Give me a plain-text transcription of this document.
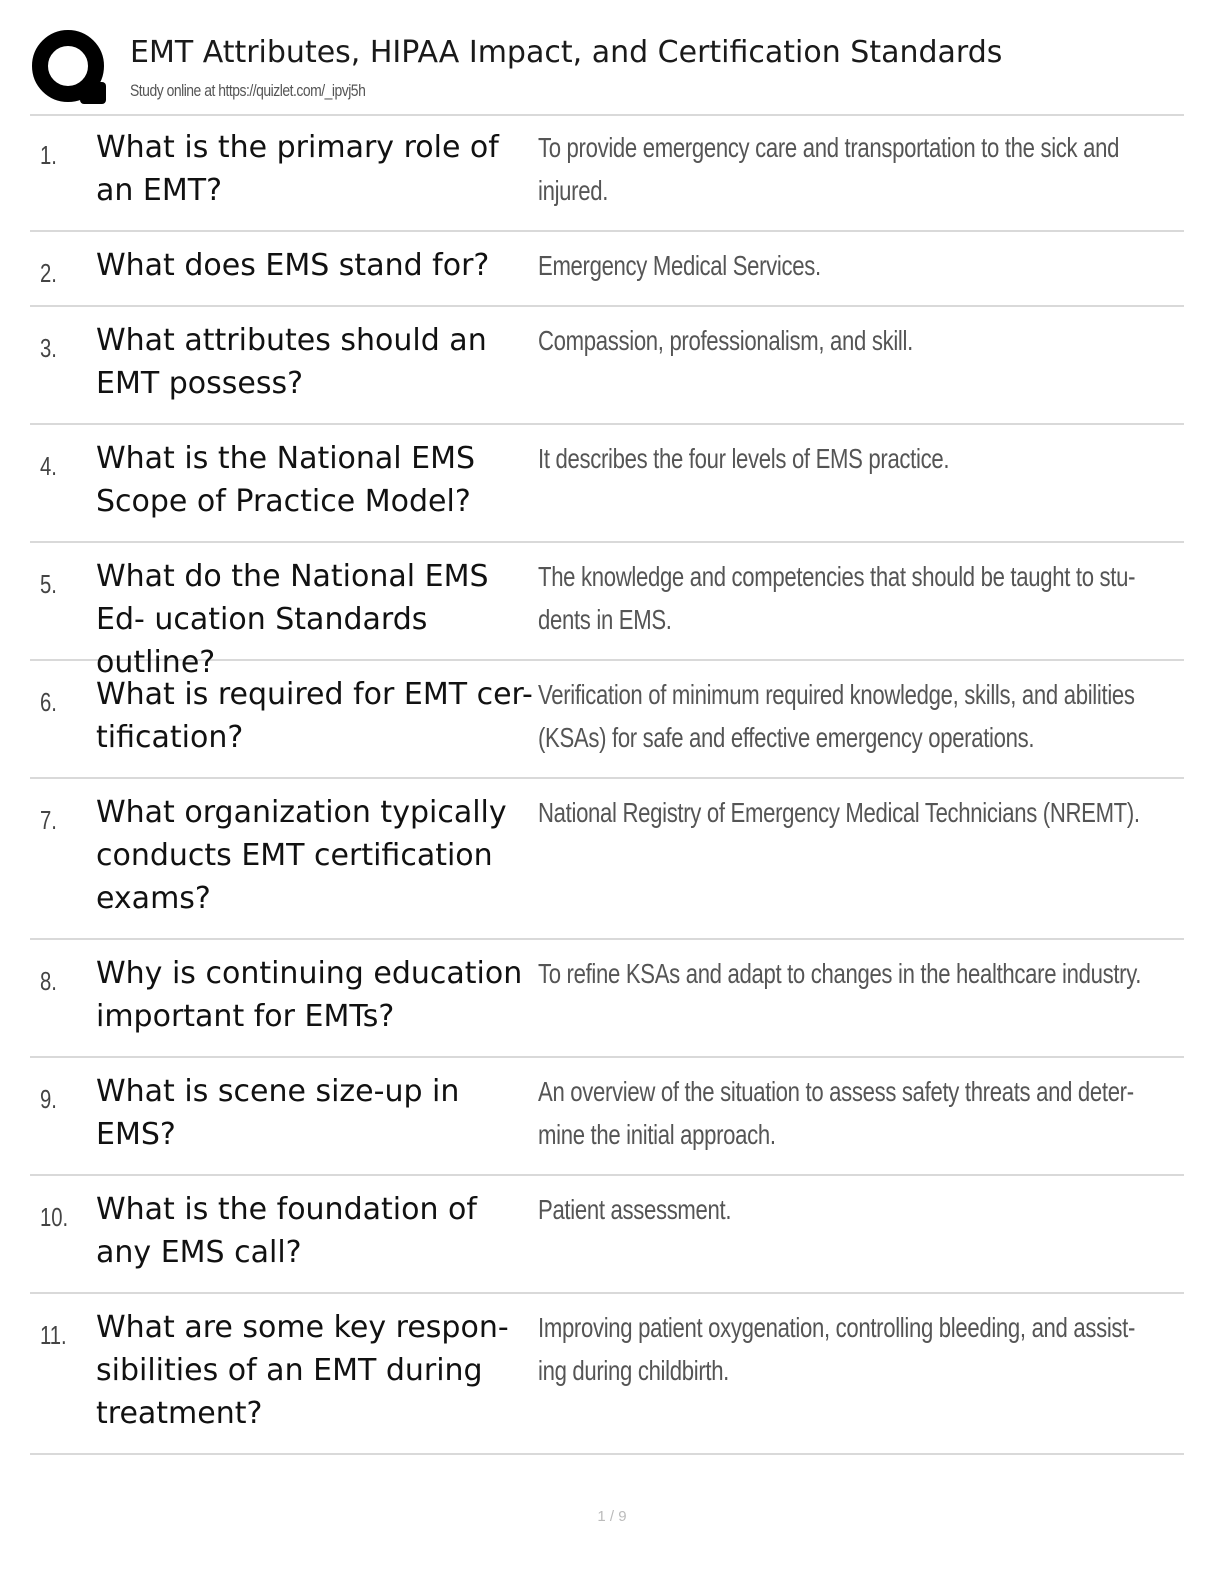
EMT Attributes, HIPAA Impact, and Certification Standards
Study online at https://quizlet.com/_ipvj5h
1. What is the primary role of an EMT?
To provide emergency care and transportation to the sick and injured.
2. What does EMS stand for?	Emergency Medical Services.
3. What attributes should an EMT possess?
Compassion, professionalism, and skill.
4. What is the National EMS Scope of Practice Model?
It describes the four levels of EMS practice.
5. What do the National EMS Ed- ucation Standards outline?
The knowledge and competencies that should be taught to stu- dents in EMS.
6. What is required for EMT cer- tification?
Verification of minimum required knowledge, skills, and abilities (KSAs) for safe and effective emergency operations.
7. What organization typically conducts EMT certification exams?
National Registry of Emergency Medical Technicians (NREMT).
8. Why is continuing education important for EMTs?
To refine KSAs and adapt to changes in the healthcare industry.
9. What is scene size-up in EMS?
An overview of the situation to assess safety threats and deter- mine the initial approach.
10. What is the foundation of any EMS call?
Patient assessment.
11. What are some key respon- sibilities of an EMT during treatment?
Improving patient oxygenation, controlling bleeding, and assist- ing during childbirth.
1 / 9
